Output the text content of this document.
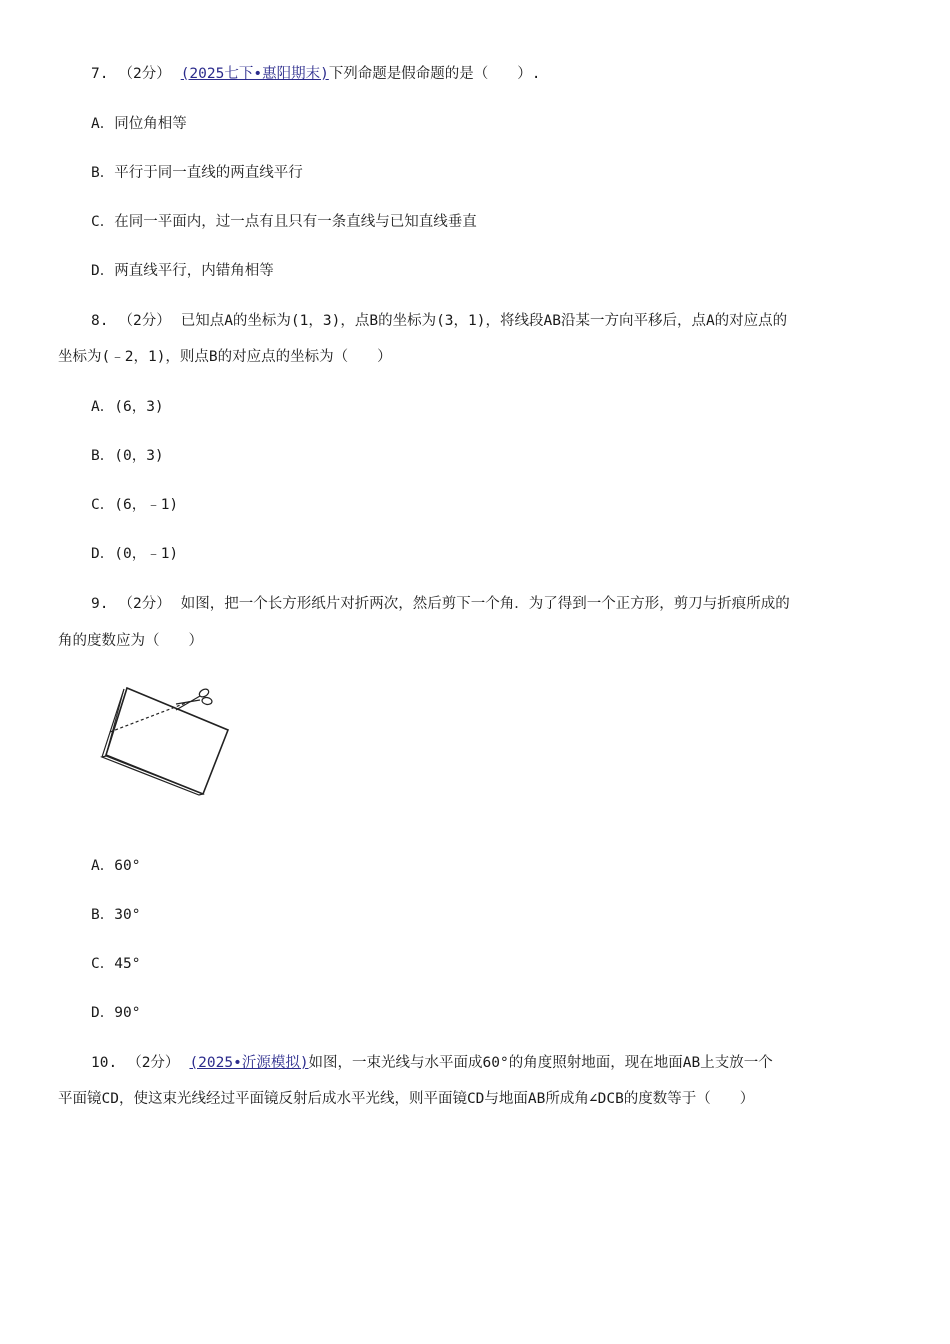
7. （2分） (2025七下•惠阳期末)下列命题是假命题的是（　　）.
A．同位角相等
B．平行于同一直线的两直线平行
C．在同一平面内，过一点有且只有一条直线与已知直线垂直
D．两直线平行，内错角相等
8. （2分） 已知点A的坐标为(1，3)，点B的坐标为(3，1)，将线段AB沿某一方向平移后，点A的对应点的
坐标为(﹣2，1)，则点B的对应点的坐标为（　　）
A．(6，3)
B．(0，3)
C．(6，﹣1)
D．(0，﹣1)
9. （2分） 如图，把一个长方形纸片对折两次，然后剪下一个角．为了得到一个正方形，剪刀与折痕所成的
角的度数应为（　　）
A．60°
B．30°
C．45°
D．90°
10. （2分） (2025•沂源模拟)如图，一束光线与水平面成60°的角度照射地面，现在地面AB上支放一个
平面镜CD，使这束光线经过平面镜反射后成水平光线，则平面镜CD与地面AB所成角∠DCB的度数等于（　　）
